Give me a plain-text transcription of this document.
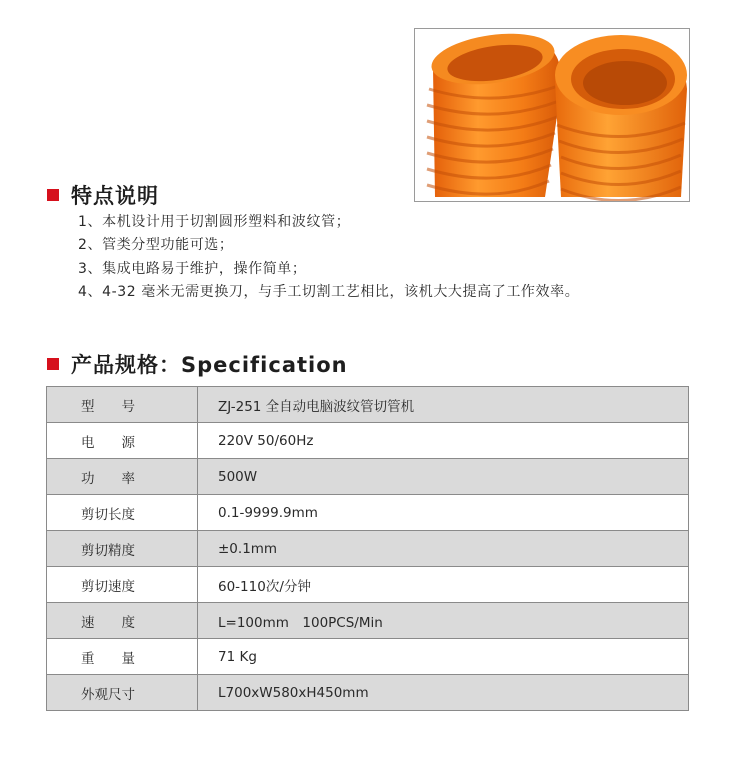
特点说明
1、本机设计用于切割圆形塑料和波纹管；
2、管类分型功能可选；
3、集成电路易于维护，操作简单；
4、4-32 毫米无需更换刀，与手工切割工艺相比，该机大大提高了工作效率。
产品规格：Specification
型　　号	ZJ-251 全自动电脑波纹管切管机
电　　源	220V 50/60Hz
功　　率	500W
剪切长度	0.1-9999.9mm
剪切精度	±0.1mm
剪切速度	60-110次/分钟
速　　度	L=100mm　100PCS/Min
重　　量	71 Kg
外观尺寸	L700xW580xH450mm
